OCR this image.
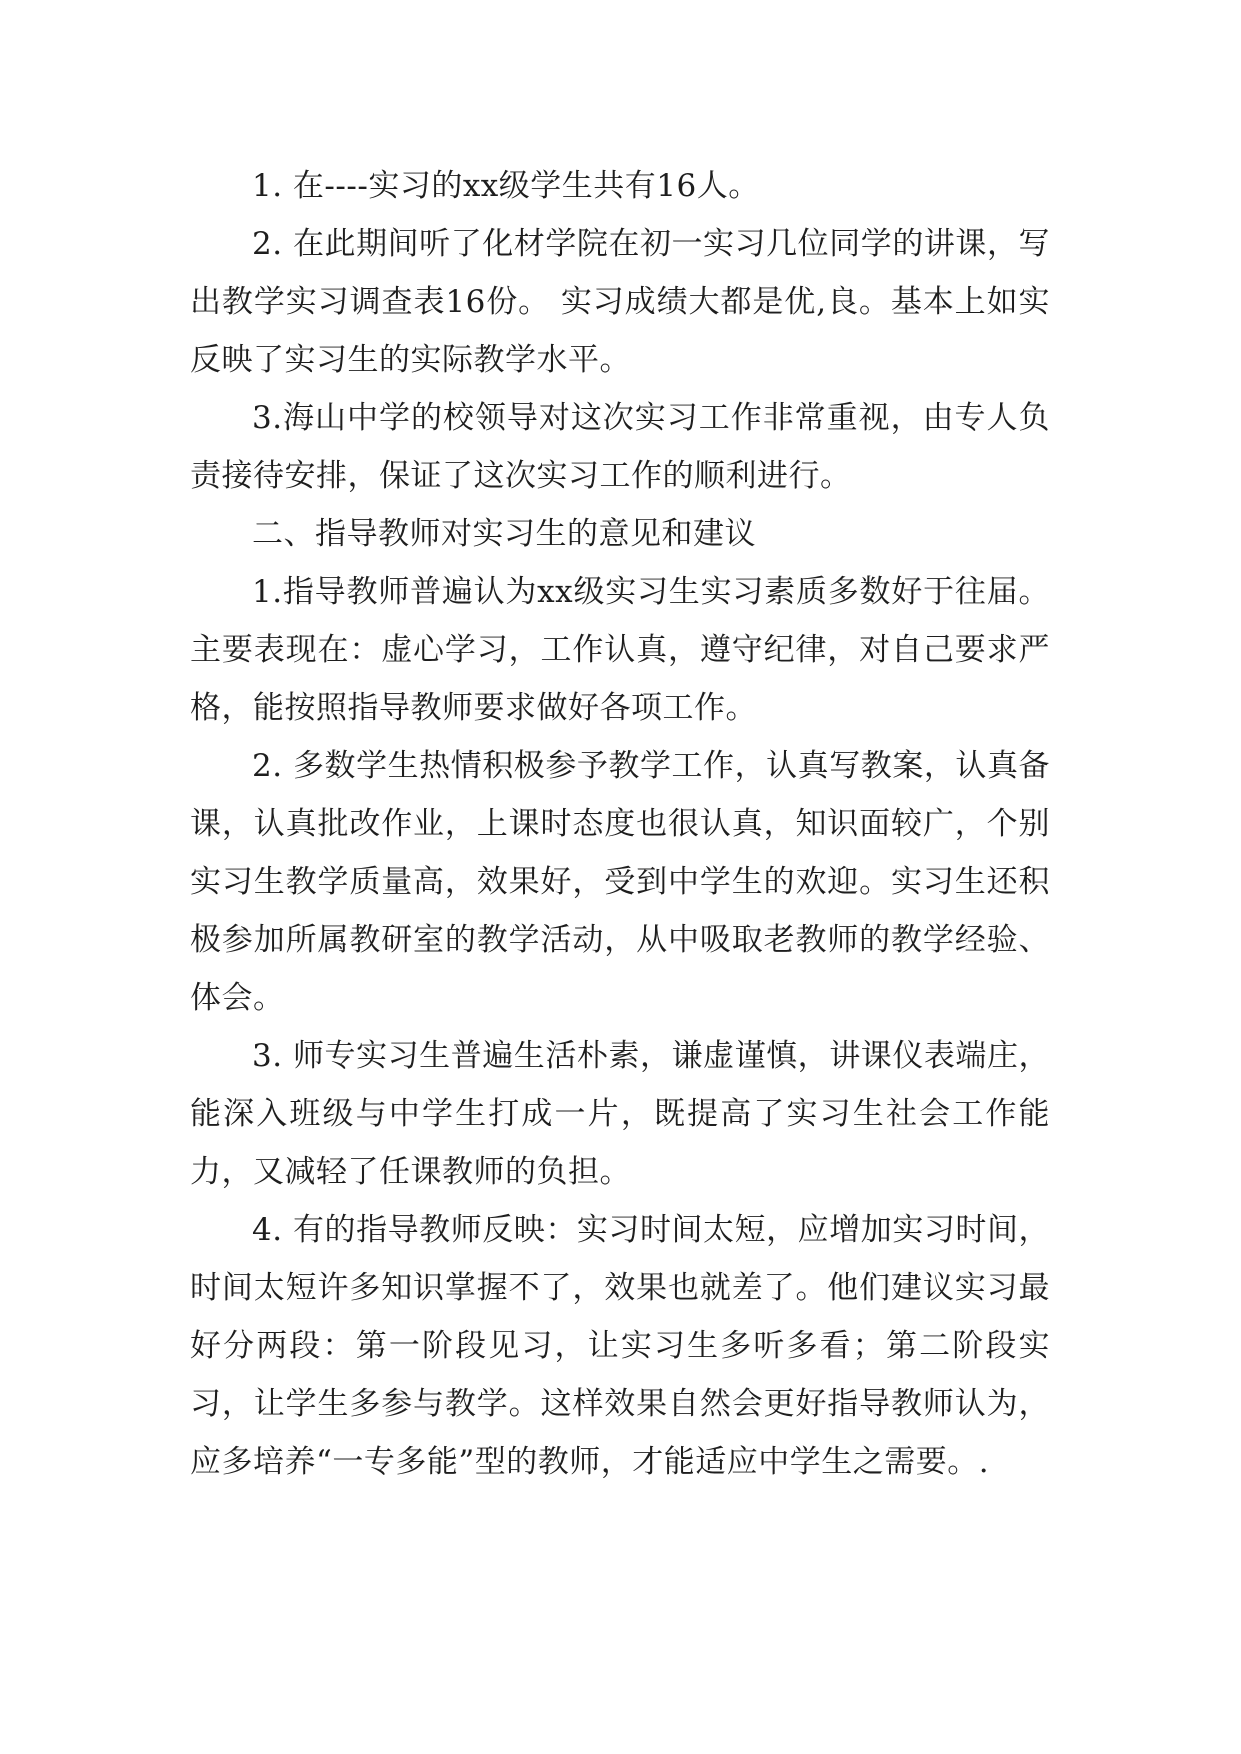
1. 在----实习的xx级学生共有16人。

2. 在此期间听了化材学院在初一实习几位同学的讲课，写出教学实习调查表16份。 实习成绩大都是优,良。基本上如实反映了实习生的实际教学水平。

3.海山中学的校领导对这次实习工作非常重视，由专人负责接待安排，保证了这次实习工作的顺利进行。

二、指导教师对实习生的意见和建议

1.指导教师普遍认为xx级实习生实习素质多数好于往届。主要表现在：虚心学习，工作认真，遵守纪律，对自己要求严格，能按照指导教师要求做好各项工作。

2. 多数学生热情积极参予教学工作，认真写教案，认真备课，认真批改作业，上课时态度也很认真，知识面较广，个别实习生教学质量高，效果好，受到中学生的欢迎。实习生还积极参加所属教研室的教学活动，从中吸取老教师的教学经验、体会。

3. 师专实习生普遍生活朴素，谦虚谨慎，讲课仪表端庄，能深入班级与中学生打成一片，既提高了实习生社会工作能力，又减轻了任课教师的负担。

4. 有的指导教师反映：实习时间太短，应增加实习时间，时间太短许多知识掌握不了，效果也就差了。他们建议实习最好分两段：第一阶段见习，让实习生多听多看；第二阶段实习，让学生多参与教学。这样效果自然会更好指导教师认为，应多培养“一专多能”型的教师，才能适应中学生之需要。.
